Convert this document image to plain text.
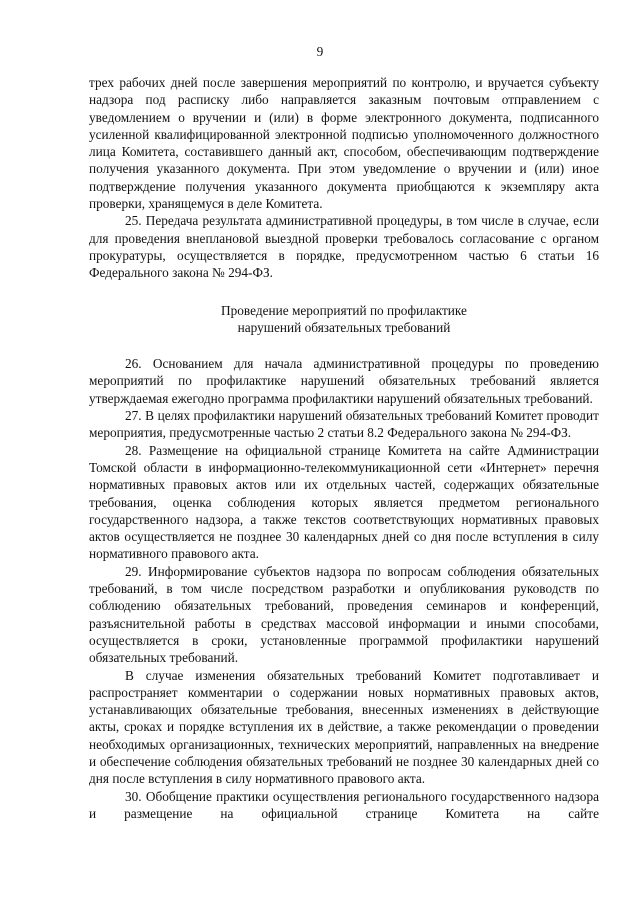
9

трех рабочих дней после завершения мероприятий по контролю, и вручается субъекту надзора под расписку либо направляется заказным почтовым отправлением с уведомлением о вручении и (или) в форме электронного документа, подписанного усиленной квалифицированной электронной подписью уполномоченного должностного лица Комитета, составившего данный акт, способом, обеспечивающим подтверждение получения указанного документа. При этом уведомление о вручении и (или) иное подтверждение получения указанного документа приобщаются к экземпляру акта проверки, хранящемуся в деле Комитета.

25. Передача результата административной процедуры, в том числе в случае, если для проведения внеплановой выездной проверки требовалось согласование с органом прокуратуры, осуществляется в порядке, предусмотренном частью 6 статьи 16 Федерального закона № 294-ФЗ.

Проведение мероприятий по профилактике
нарушений обязательных требований

26. Основанием для начала административной процедуры по проведению мероприятий по профилактике нарушений обязательных требований является утверждаемая ежегодно программа профилактики нарушений обязательных требований.

27. В целях профилактики нарушений обязательных требований Комитет проводит мероприятия, предусмотренные частью 2 статьи 8.2 Федерального закона № 294-ФЗ.

28. Размещение на официальной странице Комитета на сайте Администрации Томской области в информационно-телекоммуникационной сети «Интернет» перечня нормативных правовых актов или их отдельных частей, содержащих обязательные требования, оценка соблюдения которых является предметом регионального государственного надзора, а также текстов соответствующих нормативных правовых актов осуществляется не позднее 30 календарных дней со дня после вступления в силу нормативного правового акта.

29. Информирование субъектов надзора по вопросам соблюдения обязательных требований, в том числе посредством разработки и опубликования руководств по соблюдению обязательных требований, проведения семинаров и конференций, разъяснительной работы в средствах массовой информации и иными способами, осуществляется в сроки, установленные программой профилактики нарушений обязательных требований.

В случае изменения обязательных требований Комитет подготавливает и распространяет комментарии о содержании новых нормативных правовых актов, устанавливающих обязательные требования, внесенных изменениях в действующие акты, сроках и порядке вступления их в действие, а также рекомендации о проведении необходимых организационных, технических мероприятий, направленных на внедрение и обеспечение соблюдения обязательных требований не позднее 30 календарных дней со дня после вступления в силу нормативного правового акта.

30. Обобщение практики осуществления регионального государственного надзора и размещение на официальной странице Комитета на сайте
